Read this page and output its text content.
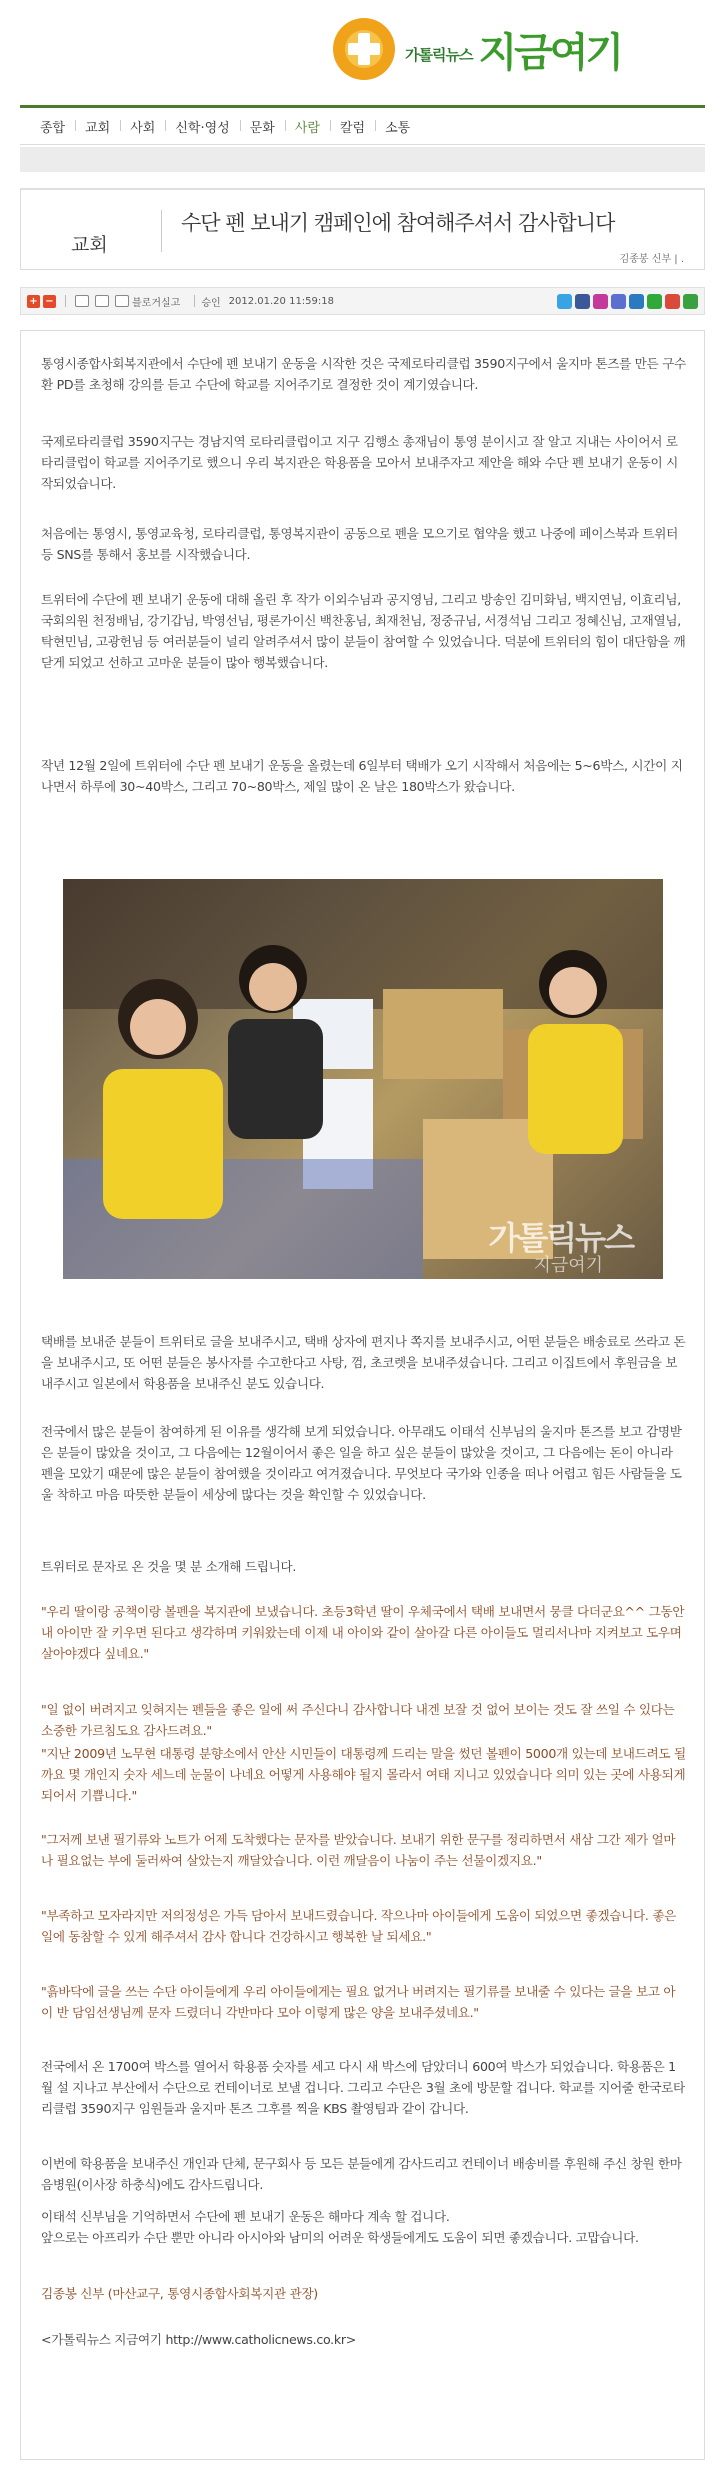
가톨릭뉴스 지금여기
종합	교회	사회	신학·영성	문화	사람	칼럼	소통
교회
수단 펜 보내기 캠페인에 참여해주셔서 감사합니다
김종봉 신부 | .
+ −	블로거실고 승인 2012.01.20 11:59:18

통영시종합사회복지관에서 수단에 펜 보내기 운동을 시작한 것은 국제로타리클럽 3590지구에서 울지마 톤즈를 만든 구수환 PD를 초청해 강의를 듣고 수단에 학교를 지어주기로 결정한 것이 계기였습니다.

국제로타리클럽 3590지구는 경남지역 로타리클럽이고 지구 김행소 총재님이 통영 분이시고 잘 알고 지내는 사이어서 로타리클럽이 학교를 지어주기로 했으니 우리 복지관은 학용품을 모아서 보내주자고 제안을 해와 수단 펜 보내기 운동이 시작되었습니다.

처음에는 통영시, 통영교육청, 로타리클럽, 통영복지관이 공동으로 펜을 모으기로 협약을 했고 나중에 페이스북과 트위터 등 SNS를 통해서 홍보를 시작했습니다.

트위터에 수단에 펜 보내기 운동에 대해 올린 후 작가 이외수님과 공지영님, 그리고 방송인 김미화님, 백지연님, 이효리님, 국회의원 천정배님, 강기갑님, 박영선님, 평론가이신 백찬홍님, 최재천님, 정중규님, 서경석님 그리고 정혜신님, 고재열님, 탁현민님, 고광헌님 등 여러분들이 널리 알려주셔서 많이 분들이 참여할 수 있었습니다. 덕분에 트위터의 힘이 대단함을 깨닫게 되었고 선하고 고마운 분들이 많아 행복했습니다.

작년 12월 2일에 트위터에 수단 펜 보내기 운동을 올렸는데 6일부터 택배가 오기 시작해서 처음에는 5~6박스, 시간이 지나면서 하루에 30~40박스, 그리고 70~80박스, 제일 많이 온 날은 180박스가 왔습니다.

가톨릭뉴스
지금여기

택배를 보내준 분들이 트위터로 글을 보내주시고, 택배 상자에 편지나 쪽지를 보내주시고, 어떤 분들은 배송료로 쓰라고 돈을 보내주시고, 또 어떤 분들은 봉사자를 수고한다고 사탕, 껌, 초코렛을 보내주셨습니다. 그리고 이집트에서 후원금을 보내주시고 일본에서 학용품을 보내주신 분도 있습니다.

전국에서 많은 분들이 참여하게 된 이유를 생각해 보게 되었습니다. 아무래도 이태석 신부님의 울지마 톤즈를 보고 감명받은 분들이 많았을 것이고, 그 다음에는 12월이어서 좋은 일을 하고 싶은 분들이 많았을 것이고, 그 다음에는 돈이 아니라 펜을 모았기 때문에 많은 분들이 참여했을 것이라고 여겨졌습니다. 무엇보다 국가와 인종을 떠나 어렵고 힘든 사람들을 도울 착하고 마음 따뜻한 분들이 세상에 많다는 것을 확인할 수 있었습니다.

트위터로 문자로 온 것을 몇 분 소개해 드립니다.

"우리 딸이랑 공책이랑 볼펜을 복지관에 보냈습니다. 초등3학년 딸이 우체국에서 택배 보내면서 뭉클 다더군요^^ 그동안 내 아이만 잘 키우면 된다고 생각하며 키워왔는데 이제 내 아이와 같이 살아갈 다른 아이들도 멀리서나마 지켜보고 도우며 살아야겠다 싶네요."

"일 없이 버려지고 잊혀지는 펜들을 좋은 일에 써 주신다니 감사합니다 내겐 보잘 것 없어 보이는 것도 잘 쓰일 수 있다는 소중한 가르침도요 감사드려요."

"지난 2009년 노무현 대통령 분향소에서 안산 시민들이 대통령께 드리는 말을 썼던 볼펜이 5000개 있는데 보내드려도 될까요 몇 개인지 숫자 세느데 눈물이 나네요 어떻게 사용해야 될지 몰라서 여태 지니고 있었습니다 의미 있는 곳에 사용되게 되어서 기쁩니다."

"그저께 보낸 필기류와 노트가 어제 도착했다는 문자를 받았습니다. 보내기 위한 문구를 정리하면서 새삼 그간 제가 얼마나 필요없는 부에 둘러싸여 살았는지 깨달았습니다. 이런 깨달음이 나눔이 주는 선물이겠지요."

"부족하고 모자라지만 저의정성은 가득 담아서 보내드렸습니다. 작으나마 아이들에게 도움이 되었으면 좋겠습니다. 좋은 일에 동참할 수 있게 해주셔서 감사 합니다 건강하시고 행복한 날 되세요."

"흙바닥에 글을 쓰는 수단 아이들에게 우리 아이들에게는 필요 없거나 버려지는 필기류를 보내줄 수 있다는 글을 보고 아이 반 담임선생님께 문자 드렸더니 각반마다 모아 이렇게 많은 양을 보내주셨네요."

전국에서 온 1700여 박스를 열어서 학용품 숫자를 세고 다시 새 박스에 담았더니 600여 박스가 되었습니다. 학용품은 1월 설 지나고 부산에서 수단으로 컨테이너로 보낼 겁니다. 그리고 수단은 3월 초에 방문할 겁니다. 학교를 지어줄 한국로타리클럽 3590지구 임원들과 울지마 톤즈 그후를 찍을 KBS 촬영팀과 같이 갑니다.

이번에 학용품을 보내주신 개인과 단체, 문구회사 등 모든 분들에게 감사드리고 컨테이너 배송비를 후원해 주신 창원 한마음병원(이사장 하충식)에도 감사드립니다.

이태석 신부님을 기억하면서 수단에 펜 보내기 운동은 해마다 계속 할 겁니다.
앞으로는 아프리카 수단 뿐만 아니라 아시아와 남미의 어려운 학생들에게도 도움이 되면 좋겠습니다. 고맙습니다.

김종봉 신부 (마산교구, 통영시종합사회복지관 관장)

<가톨릭뉴스 지금여기 http://www.catholicnews.co.kr>
